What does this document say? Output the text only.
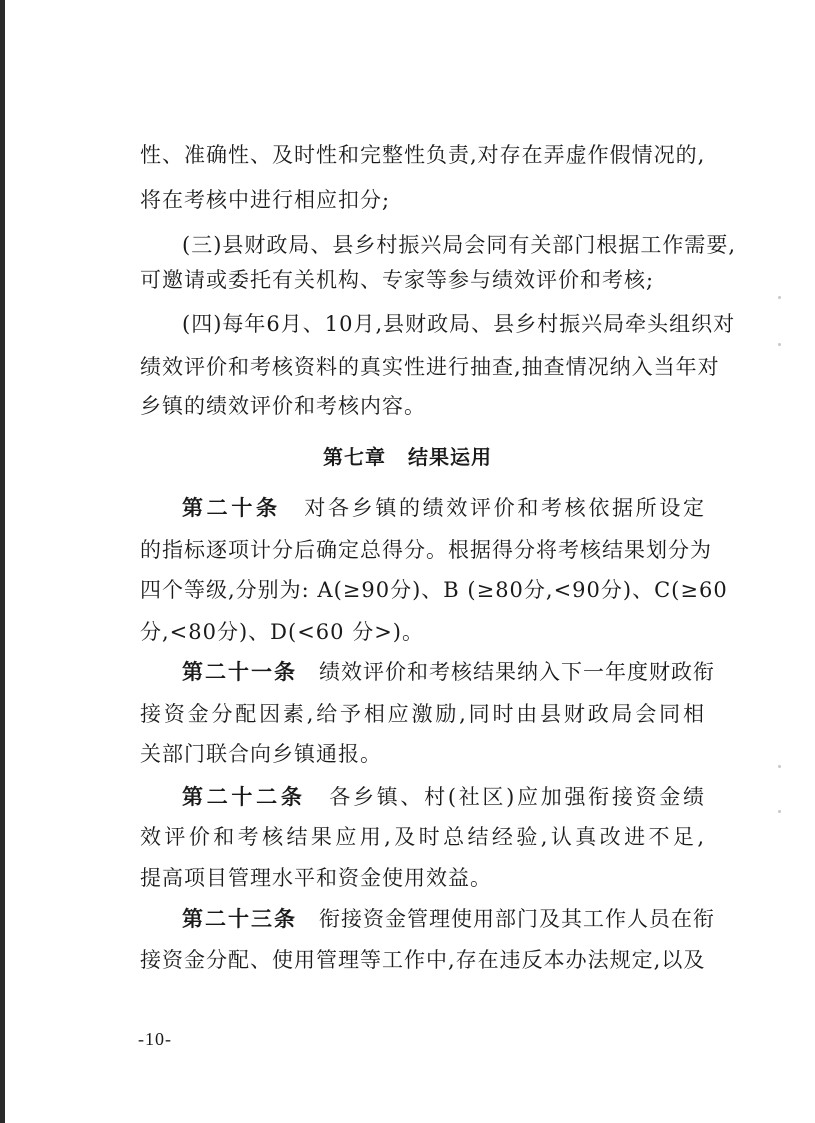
性、准确性、及时性和完整性负责,对存在弄虚作假情况的,
将在考核中进行相应扣分;
(三)县财政局、县乡村振兴局会同有关部门根据工作需要,
可邀请或委托有关机构、专家等参与绩效评价和考核;
(四)每年6月、10月,县财政局、县乡村振兴局牵头组织对
绩效评价和考核资料的真实性进行抽查,抽查情况纳入当年对
乡镇的绩效评价和考核内容。
第七章 结果运用
第二十条 对各乡镇的绩效评价和考核依据所设定
的指标逐项计分后确定总得分。根据得分将考核结果划分为
四个等级,分别为: A(≥90分)、B (≥80分,<90分)、C(≥60
分,<80分)、D(<60 分>)。
第二十一条 绩效评价和考核结果纳入下一年度财政衔
接资金分配因素,给予相应激励,同时由县财政局会同相
关部门联合向乡镇通报。
第二十二条 各乡镇、村(社区)应加强衔接资金绩
效评价和考核结果应用,及时总结经验,认真改进不足,
提高项目管理水平和资金使用效益。
第二十三条 衔接资金管理使用部门及其工作人员在衔
接资金分配、使用管理等工作中,存在违反本办法规定,以及
-10-
